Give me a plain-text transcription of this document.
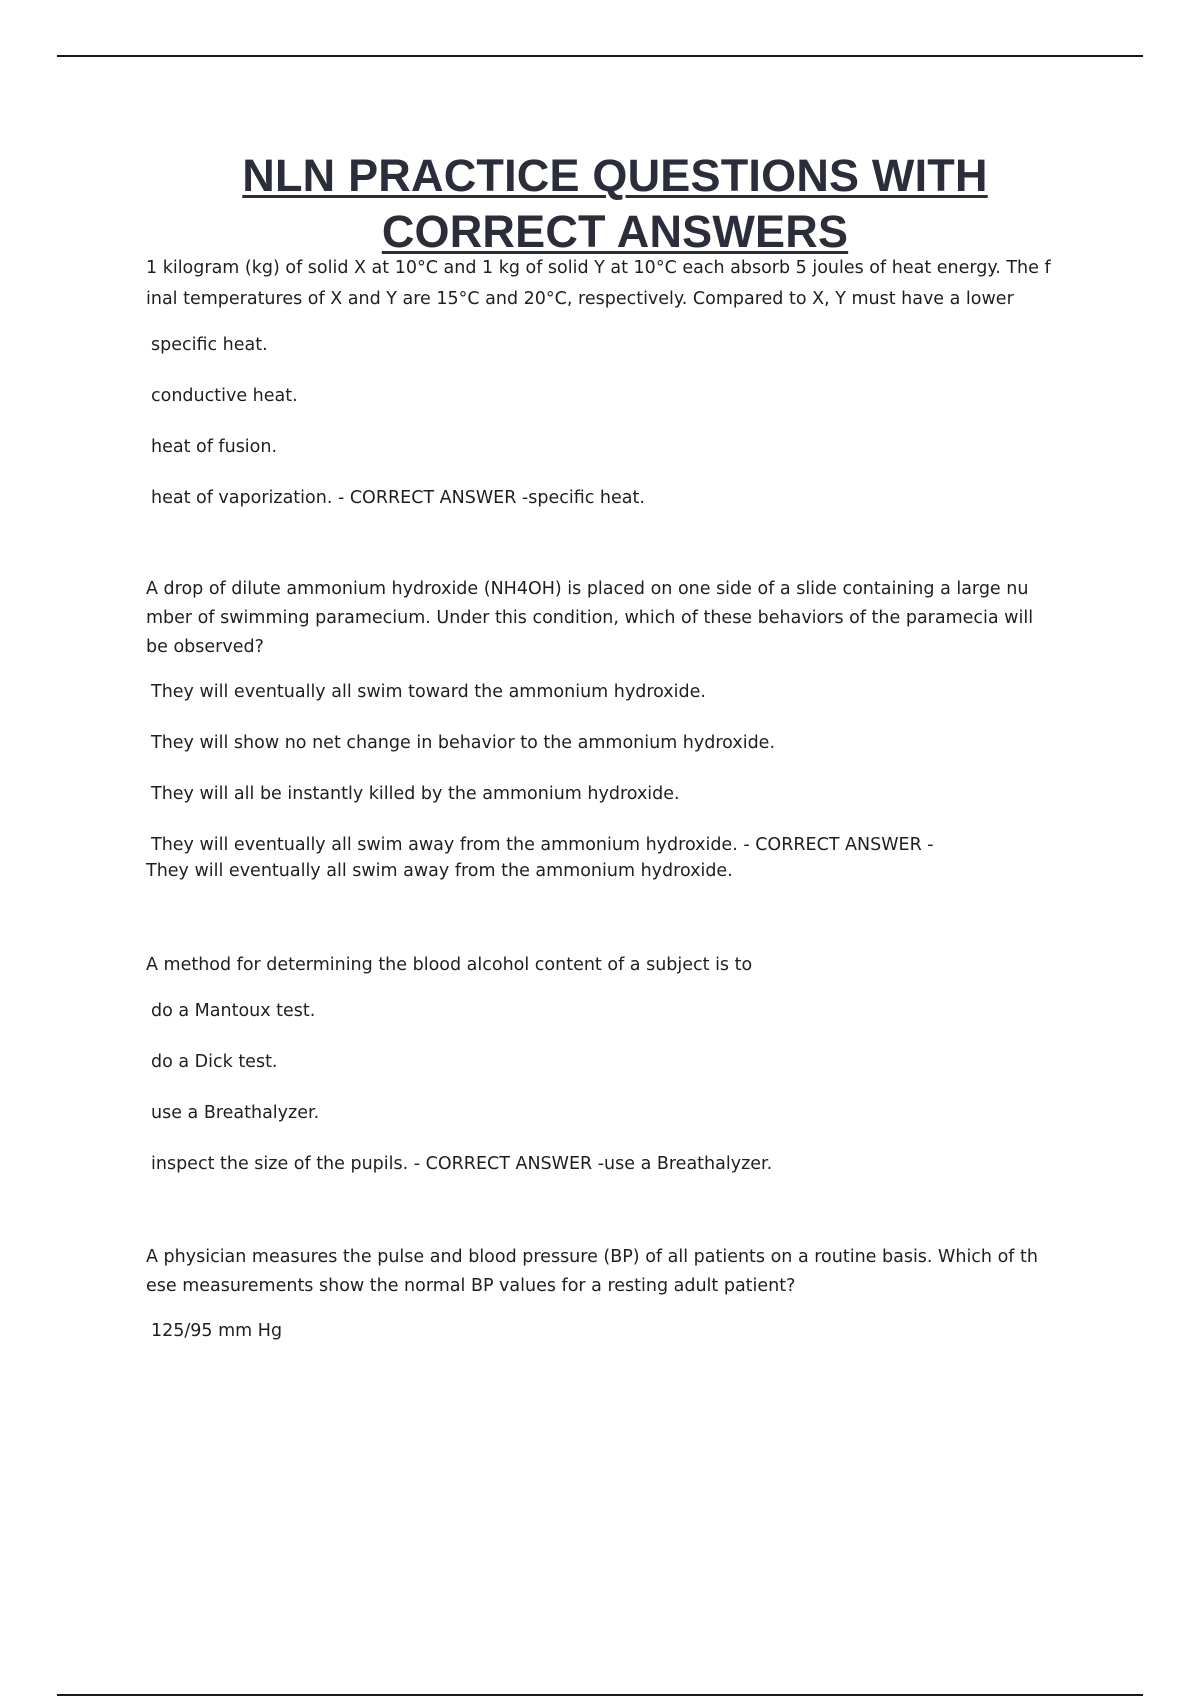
NLN PRACTICE QUESTIONS WITH
CORRECT ANSWERS

1 kilogram (kg) of solid X at 10°C and 1 kg of solid Y at 10°C each absorb 5 joules of heat energy. The f
inal temperatures of X and Y are 15°C and 20°C, respectively. Compared to X, Y must have a lower

specific heat.

conductive heat.

heat of fusion.

heat of vaporization. - CORRECT ANSWER -specific heat.

A drop of dilute ammonium hydroxide (NH4OH) is placed on one side of a slide containing a large nu
mber of swimming paramecium. Under this condition, which of these behaviors of the paramecia will
be observed?

They will eventually all swim toward the ammonium hydroxide.

They will show no net change in behavior to the ammonium hydroxide.

They will all be instantly killed by the ammonium hydroxide.

They will eventually all swim away from the ammonium hydroxide. - CORRECT ANSWER -

They will eventually all swim away from the ammonium hydroxide.

A method for determining the blood alcohol content of a subject is to

do a Mantoux test.

do a Dick test.

use a Breathalyzer.

inspect the size of the pupils. - CORRECT ANSWER -use a Breathalyzer.

A physician measures the pulse and blood pressure (BP) of all patients on a routine basis. Which of th
ese measurements show the normal BP values for a resting adult patient?

125/95 mm Hg
